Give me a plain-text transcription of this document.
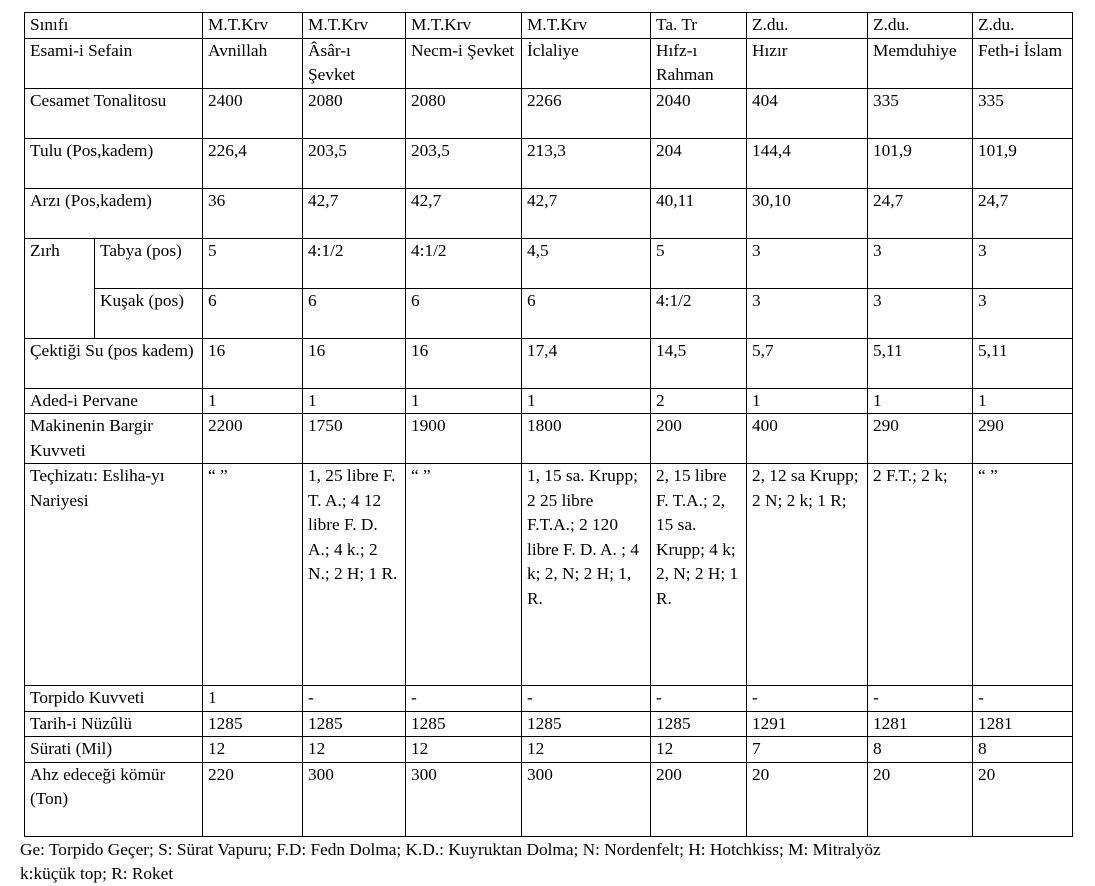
Sınıfı		M.T.Krv	M.T.Krv	M.T.Krv	M.T.Krv	Ta. Tr	Z.du.	Z.du.	Z.du.
Esami-i Sefain		Avnillah	Âsâr-ı Şevket	Necm-i Şevket	İclaliye	Hıfz-ı Rahman	Hızır	Memduhiye	Feth-i İslam
Cesamet Tonalitosu		2400	2080	2080	2266	2040	404	335	335
Tulu (Pos,kadem)		226,4	203,5	203,5	213,3	204	144,4	101,9	101,9
Arzı (Pos,kadem)		36	42,7	42,7	42,7	40,11	30,10	24,7	24,7
Zırh	Tabya (pos)	5	4:1/2	4:1/2	4,5	5	3	3	3
	Kuşak (pos)	6	6	6	6	4:1/2	3	3	3
Çektiği Su (pos kadem)		16	16	16	17,4	14,5	5,7	5,11	5,11
Aded-i Pervane		1	1	1	1	2	1	1	1
Makinenin Bargir Kuvveti		2200	1750	1900	1800	200	400	290	290
Teçhizatı: Esliha-yı Nariyesi		“ ”	1, 25 libre F. T. A.; 4 12 libre F. D. A.; 4 k.; 2 N.; 2 H; 1 R.	“ ”	1, 15 sa. Krupp; 2 25 libre F.T.A.; 2 120 libre F. D. A. ; 4 k; 2, N; 2 H; 1, R.	2, 15 libre F. T.A.; 2, 15 sa. Krupp; 4 k; 2, N; 2 H; 1 R.	2, 12 sa Krupp; 2 N; 2 k; 1 R;	2 F.T.; 2 k;	“ ”
Torpido Kuvveti		1	-	-	-	-	-	-	-
Tarih-i Nüzûlü		1285	1285	1285	1285	1285	1291	1281	1281
Sürati (Mil)		12	12	12	12	12	7	8	8
Ahz edeceği kömür (Ton)		220	300	300	300	200	20	20	20
Ge: Torpido Geçer; S: Sürat Vapuru; F.D: Fedn Dolma; K.D.: Kuyruktan Dolma; N: Nordenfelt; H: Hotchkiss; M: Mitralyöz
k:küçük top; R: Roket
